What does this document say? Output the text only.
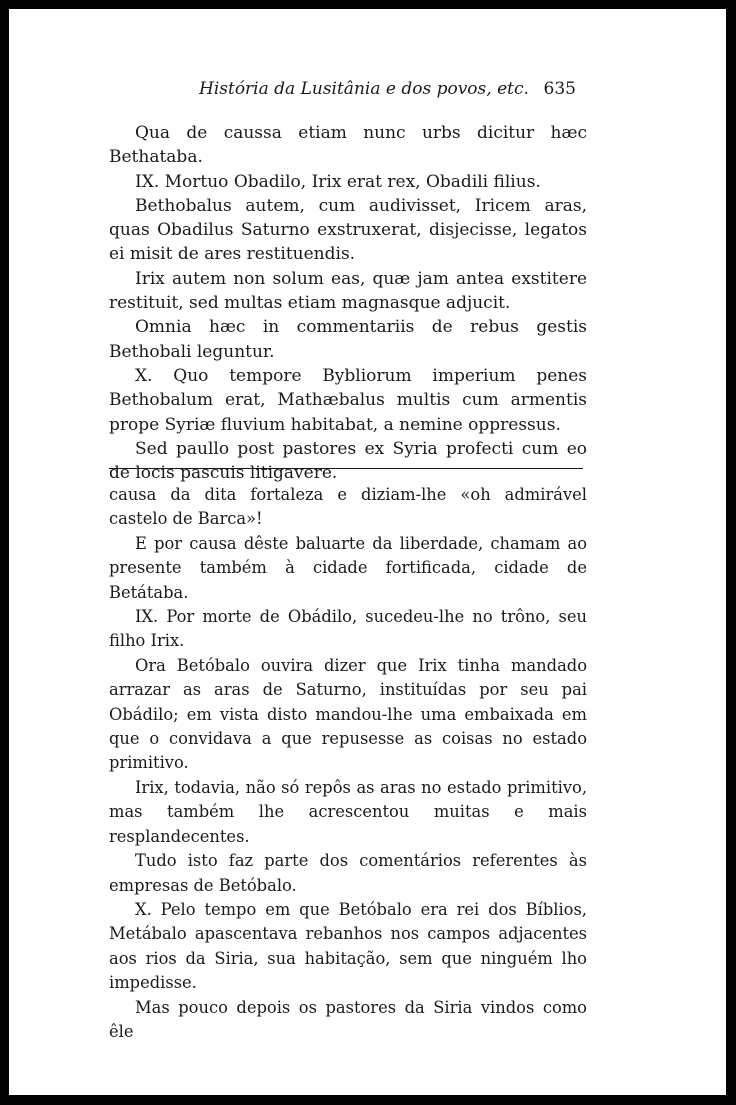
História da Lusitânia e dos povos, etc. 635

Qua de caussa etiam nunc urbs dicitur hæc Bethataba.

IX. Mortuo Obadilo, Irix erat rex, Obadili filius.

Bethobalus autem, cum audivisset, Iricem aras, quas Obadilus Saturno exstruxerat, disjecisse, legatos ei misit de ares restituendis.

Irix autem non solum eas, quæ jam antea exstitere restituit, sed multas etiam magnasque adjucit.

Omnia hæc in commentariis de rebus gestis Bethobali leguntur.

X. Quo tempore Bybliorum imperium penes Bethobalum erat, Mathæbalus multis cum armentis prope Syriæ fluvium habitabat, a nemine oppressus.

Sed paullo post pastores ex Syria profecti cum eo de locis pascuis litigavere.

causa da dita fortaleza e diziam-lhe «oh admirável castelo de Barca»!

E por causa dêste baluarte da liberdade, chamam ao presente também à cidade fortificada, cidade de Betátaba.

IX. Por morte de Obádilo, sucedeu-lhe no trôno, seu filho Irix.

Ora Betóbalo ouvira dizer que Irix tinha mandado arrazar as aras de Saturno, instituídas por seu pai Obádilo; em vista disto mandou-lhe uma embaixada em que o convidava a que repusesse as coisas no estado primitivo.

Irix, todavia, não só repôs as aras no estado primitivo, mas também lhe acrescentou muitas e mais resplandecentes.

Tudo isto faz parte dos comentários referentes às empresas de Betóbalo.

X. Pelo tempo em que Betóbalo era rei dos Bíblios, Metábalo apascentava rebanhos nos campos adjacentes aos rios da Siria, sua habitação, sem que ninguém lho impedisse.

Mas pouco depois os pastores da Siria vindos como êle
